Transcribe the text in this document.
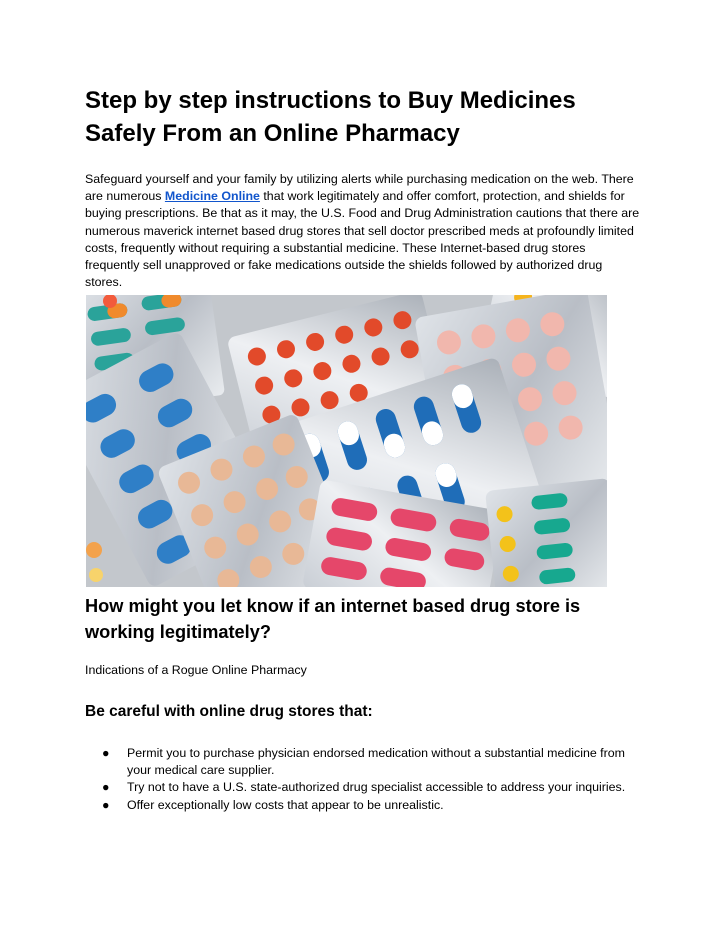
Step by step instructions to Buy Medicines Safely From an Online Pharmacy

Safeguard yourself and your family by utilizing alerts while purchasing medication on the web. There are numerous Medicine Online that work legitimately and offer comfort, protection, and shields for buying prescriptions. Be that as it may, the U.S. Food and Drug Administration cautions that there are numerous maverick internet based drug stores that sell doctor prescribed meds at profoundly limited costs, frequently without requiring a substantial medicine. These Internet-based drug stores frequently sell unapproved or fake medications outside the shields followed by authorized drug stores.

How might you let know if an internet based drug store is working legitimately?

Indications of a Rogue Online Pharmacy

Be careful with online drug stores that:
● Permit you to purchase physician endorsed medication without a substantial medicine from your medical care supplier.
● Try not to have a U.S. state-authorized drug specialist accessible to address your inquiries.
● Offer exceptionally low costs that appear to be unrealistic.
